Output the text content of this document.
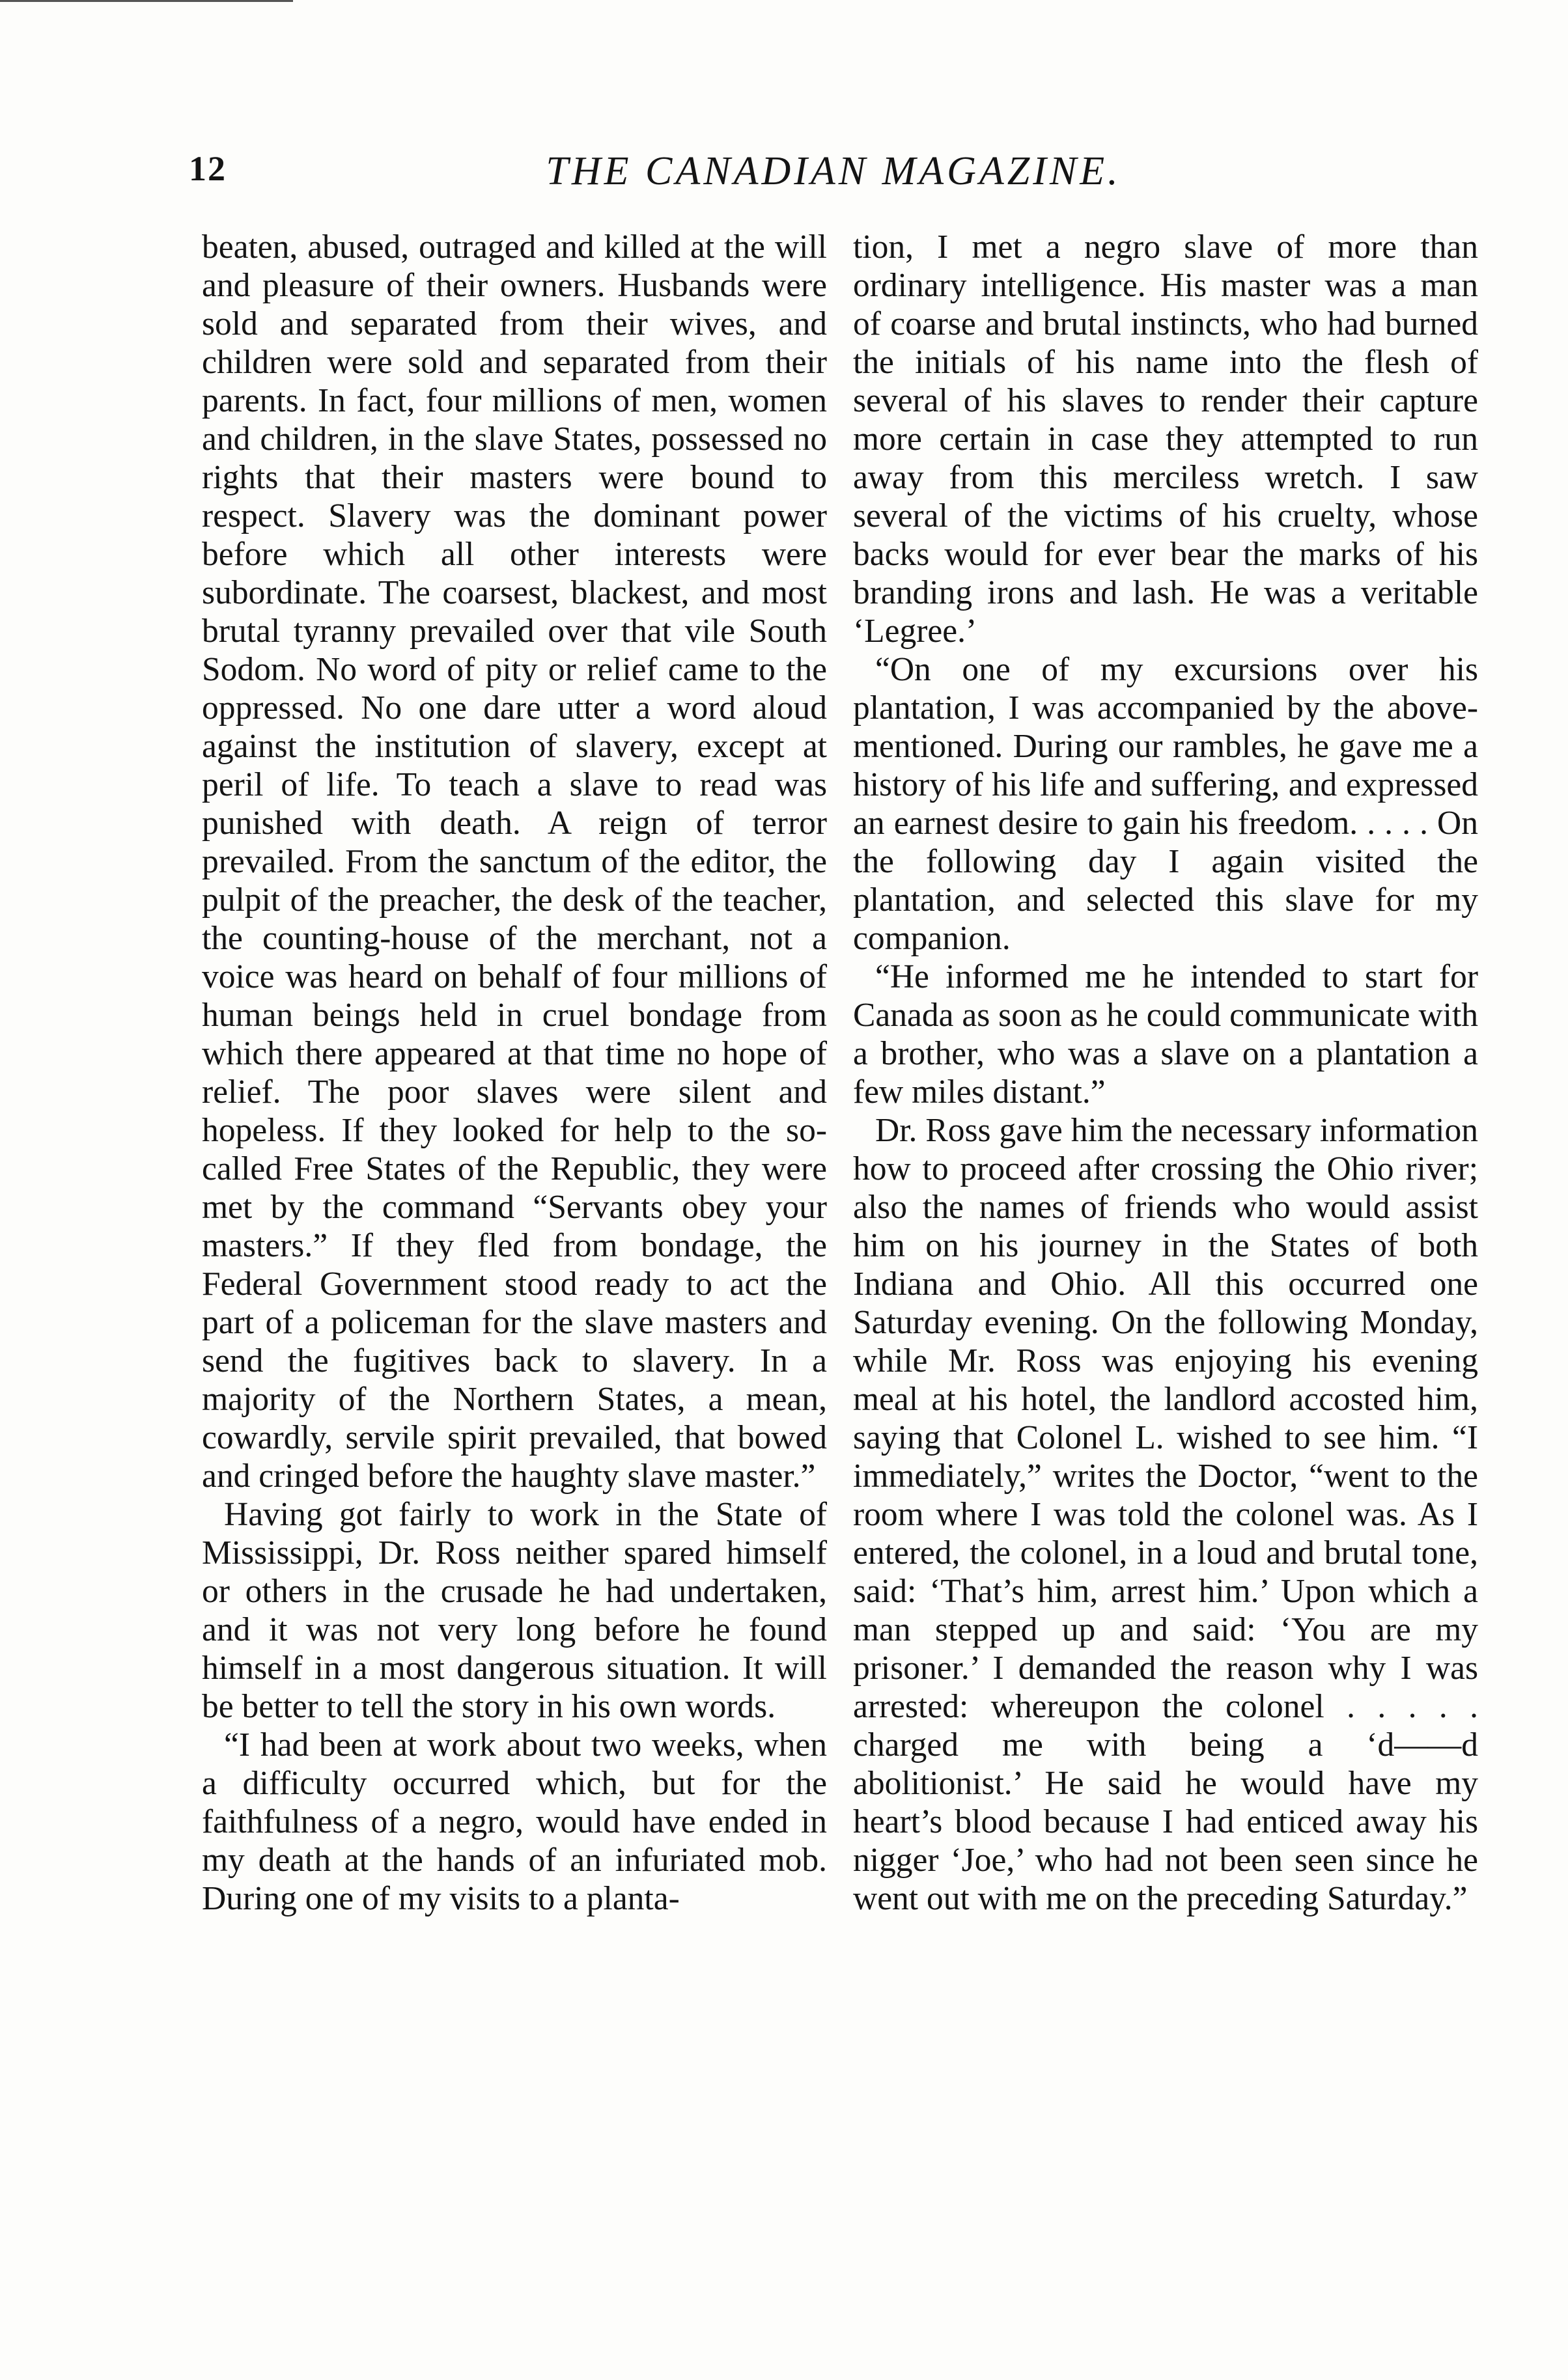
12	THE CANADIAN MAGAZINE.

beaten, abused, outraged and killed at the will and pleasure of their owners. Husbands were sold and separated from their wives, and children were sold and separated from their parents. In fact, four millions of men, women and children, in the slave States, possessed no rights that their masters were bound to respect. Slavery was the dominant power before which all other interests were subordinate. The coarsest, blackest, and most brutal tyranny prevailed over that vile South Sodom. No word of pity or relief came to the oppressed. No one dare utter a word aloud against the institution of slavery, except at peril of life. To teach a slave to read was punished with death. A reign of terror prevailed. From the sanctum of the editor, the pulpit of the preacher, the desk of the teacher, the counting-house of the merchant, not a voice was heard on behalf of four millions of human beings held in cruel bondage from which there appeared at that time no hope of relief. The poor slaves were silent and hopeless. If they looked for help to the so-called Free States of the Republic, they were met by the command “Servants obey your masters.” If they fled from bondage, the Federal Government stood ready to act the part of a policeman for the slave masters and send the fugitives back to slavery. In a majority of the Northern States, a mean, cowardly, servile spirit prevailed, that bowed and cringed before the haughty slave master.”

Having got fairly to work in the State of Mississippi, Dr. Ross neither spared himself or others in the crusade he had undertaken, and it was not very long before he found himself in a most dangerous situation. It will be better to tell the story in his own words.

“I had been at work about two weeks, when a difficulty occurred which, but for the faithfulness of a negro, would have ended in my death at the hands of an infuriated mob. During one of my visits to a planta-

tion, I met a negro slave of more than ordinary intelligence. His master was a man of coarse and brutal instincts, who had burned the initials of his name into the flesh of several of his slaves to render their capture more certain in case they attempted to run away from this merciless wretch. I saw several of the victims of his cruelty, whose backs would for ever bear the marks of his branding irons and lash. He was a veritable ‘Legree.’

“On one of my excursions over his plantation, I was accompanied by the above-mentioned. During our rambles, he gave me a history of his life and suffering, and expressed an earnest desire to gain his freedom. . . . . On the following day I again visited the plantation, and selected this slave for my companion.

“He informed me he intended to start for Canada as soon as he could communicate with a brother, who was a slave on a plantation a few miles distant.”

Dr. Ross gave him the necessary information how to proceed after crossing the Ohio river; also the names of friends who would assist him on his journey in the States of both Indiana and Ohio. All this occurred one Saturday evening. On the following Monday, while Mr. Ross was enjoying his evening meal at his hotel, the landlord accosted him, saying that Colonel L. wished to see him. “I immediately,” writes the Doctor, “went to the room where I was told the colonel was. As I entered, the colonel, in a loud and brutal tone, said: ‘That’s him, arrest him.’ Upon which a man stepped up and said: ‘You are my prisoner.’ I demanded the reason why I was arrested: whereupon the colonel . . . . . charged me with being a ‘d——d abolitionist.’ He said he would have my heart’s blood because I had enticed away his nigger ‘Joe,’ who had not been seen since he went out with me on the preceding Saturday.”
